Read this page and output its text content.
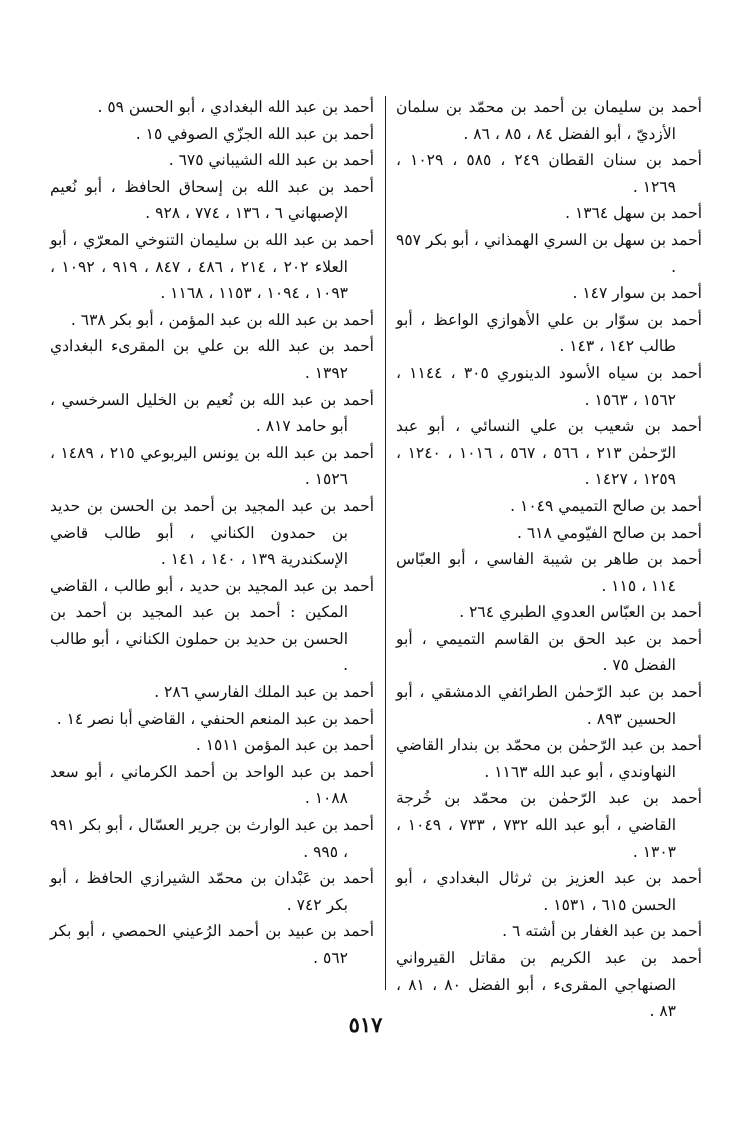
أحمد بن سليمان بن أحمد بن محمّد بن سلمان الأزديّ ، أبو الفضل ٨٤ ، ٨٥ ، ٨٦ .

أحمد بن سنان القطان ٢٤٩ ، ٥٨٥ ، ١٠٢٩ ، ١٢٦٩ .

أحمد بن سهل ١٣٦٤ .

أحمد بن سهل بن السري الهمذاني ، أبو بكر ٩٥٧ .

أحمد بن سوار ١٤٧ .

أحمد بن سوّار بن علي الأهوازي الواعظ ، أبو طالب ١٤٢ ، ١٤٣ .

أحمد بن سياه الأسود الدينوري ٣٠٥ ، ١١٤٤ ، ١٥٦٢ ، ١٥٦٣ .

أحمد بن شعيب بن علي النسائي ، أبو عبد الرّحمٰن ٢١٣ ، ٥٦٦ ، ٥٦٧ ، ١٠١٦ ، ١٢٤٠ ، ١٢٥٩ ، ١٤٢٧ .

أحمد بن صالح التميمي ١٠٤٩ .

أحمد بن صالح الفيّومي ٦١٨ .

أحمد بن طاهر بن شيبة الفاسي ، أبو العبّاس ١١٤ ، ١١٥ .

أحمد بن العبّاس العدوي الطبري ٢٦٤ .

أحمد بن عبد الحق بن القاسم التميمي ، أبو الفضل ٧٥ .

أحمد بن عبد الرّحمٰن الطرائفي الدمشقي ، أبو الحسين ٨٩٣ .

أحمد بن عبد الرّحمٰن بن محمّد بن بندار القاضي النهاوندي ، أبو عبد الله ١١٦٣ .

أحمد بن عبد الرّحمٰن بن محمّد بن خُرجة القاضي ، أبو عبد الله ٧٣٢ ، ٧٣٣ ، ١٠٤٩ ، ١٣٠٣ .

أحمد بن عبد العزيز بن ثرثال البغدادي ، أبو الحسن ٦١٥ ، ١٥٣١ .

أحمد بن عبد الغفار بن أشته ٦ .

أحمد بن عبد الكريم بن مقاتل القيرواني الصنهاجي المقرىء ، أبو الفضل ٨٠ ، ٨١ ، ٨٣ .

أحمد بن عبد الله البغدادي ، أبو الحسن ٥٩ .

أحمد بن عبد الله الجزّي الصوفي ١٥ .

أحمد بن عبد الله الشيباني ٦٧٥ .

أحمد بن عبد الله بن إسحاق الحافظ ، أبو نُعيم الإصبهاني ٦ ، ١٣٦ ، ٧٧٤ ، ٩٢٨ .

أحمد بن عبد الله بن سليمان التنوخي المعرّي ، أبو العلاء ٢٠٢ ، ٢١٤ ، ٤٨٦ ، ٨٤٧ ، ٩١٩ ، ١٠٩٢ ، ١٠٩٣ ، ١٠٩٤ ، ١١٥٣ ، ١١٦٨ .

أحمد بن عبد الله بن عبد المؤمن ، أبو بكر ٦٣٨ .

أحمد بن عبد الله بن علي بن المقرىء البغدادي ١٣٩٢ .

أحمد بن عبد الله بن نُعيم بن الخليل السرخسي ، أبو حامد ٨١٧ .

أحمد بن عبد الله بن يونس اليربوعي ٢١٥ ، ١٤٨٩ ، ١٥٢٦ .

أحمد بن عبد المجيد بن أحمد بن الحسن بن حديد بن حمدون الكناني ، أبو طالب قاضي الإسكندرية ١٣٩ ، ١٤٠ ، ١٤١ .

أحمد بن عبد المجيد بن حديد ، أبو طالب ، القاضي المكين : أحمد بن عبد المجيد بن أحمد بن الحسن بن حديد بن حملون الكناني ، أبو طالب .

أحمد بن عبد الملك الفارسي ٢٨٦ .

أحمد بن عبد المنعم الحنفي ، القاضي أبا نصر ١٤ .

أحمد بن عبد المؤمن ١٥١١ .

أحمد بن عبد الواحد بن أحمد الكرماني ، أبو سعد ١٠٨٨ .

أحمد بن عبد الوارث بن جرير العسّال ، أبو بكر ٩٩١ ، ٩٩٥ .

أحمد بن عَبْدان بن محمّد الشيرازي الحافظ ، أبو بكر ٧٤٢ .

أحمد بن عبيد بن أحمد الرُعيني الحمصي ، أبو بكر ٥٦٢ .

٥١٧
